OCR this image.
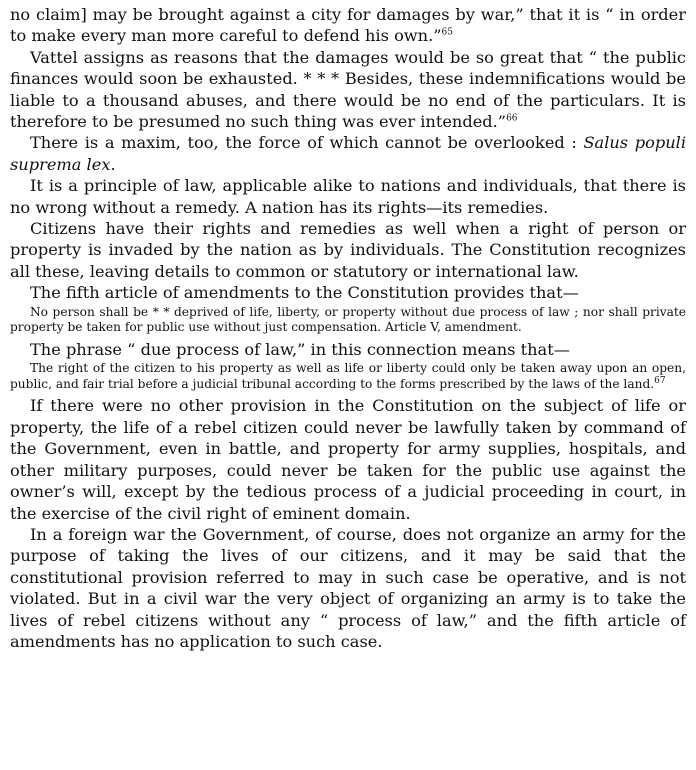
no claim] may be brought against a city for damages by war,” that it is “ in order to make every man more careful to defend his own.”$^{65}$

Vattel assigns as reasons that the damages would be so great that “ the public finances would soon be exhausted. * * * Besides, these indemnifications would be liable to a thousand abuses, and there would be no end of the particulars. It is therefore to be presumed no such thing was ever intended.”$^{66}$

There is a maxim, too, the force of which cannot be overlooked : Salus populi suprema lex.

It is a principle of law, applicable alike to nations and individuals, that there is no wrong without a remedy. A nation has its rights—its remedies.

Citizens have their rights and remedies as well when a right of person or property is invaded by the nation as by individuals. The Constitution recognizes all these, leaving details to common or statutory or international law.

The fifth article of amendments to the Constitution provides that—

No person shall be * * deprived of life, liberty, or property without due process of law ; nor shall private property be taken for public use without just compensation. Article V, amendment.

The phrase “ due process of law,” in this connection means that—

The right of the citizen to his property as well as life or liberty could only be taken away upon an open, public, and fair trial before a judicial tribunal according to the forms prescribed by the laws of the land.$^{67}$

If there were no other provision in the Constitution on the subject of life or property, the life of a rebel citizen could never be lawfully taken by command of the Government, even in battle, and property for army supplies, hospitals, and other military purposes, could never be taken for the public use against the owner’s will, except by the tedious process of a judicial proceeding in court, in the exercise of the civil right of eminent domain.

In a foreign war the Government, of course, does not organize an army for the purpose of taking the lives of our citizens, and it may be said that the constitutional provision referred to may in such case be operative, and is not violated. But in a civil war the very object of organizing an army is to take the lives of rebel citizens without any “ process of law,” and the fifth article of amendments has no application to such case.
